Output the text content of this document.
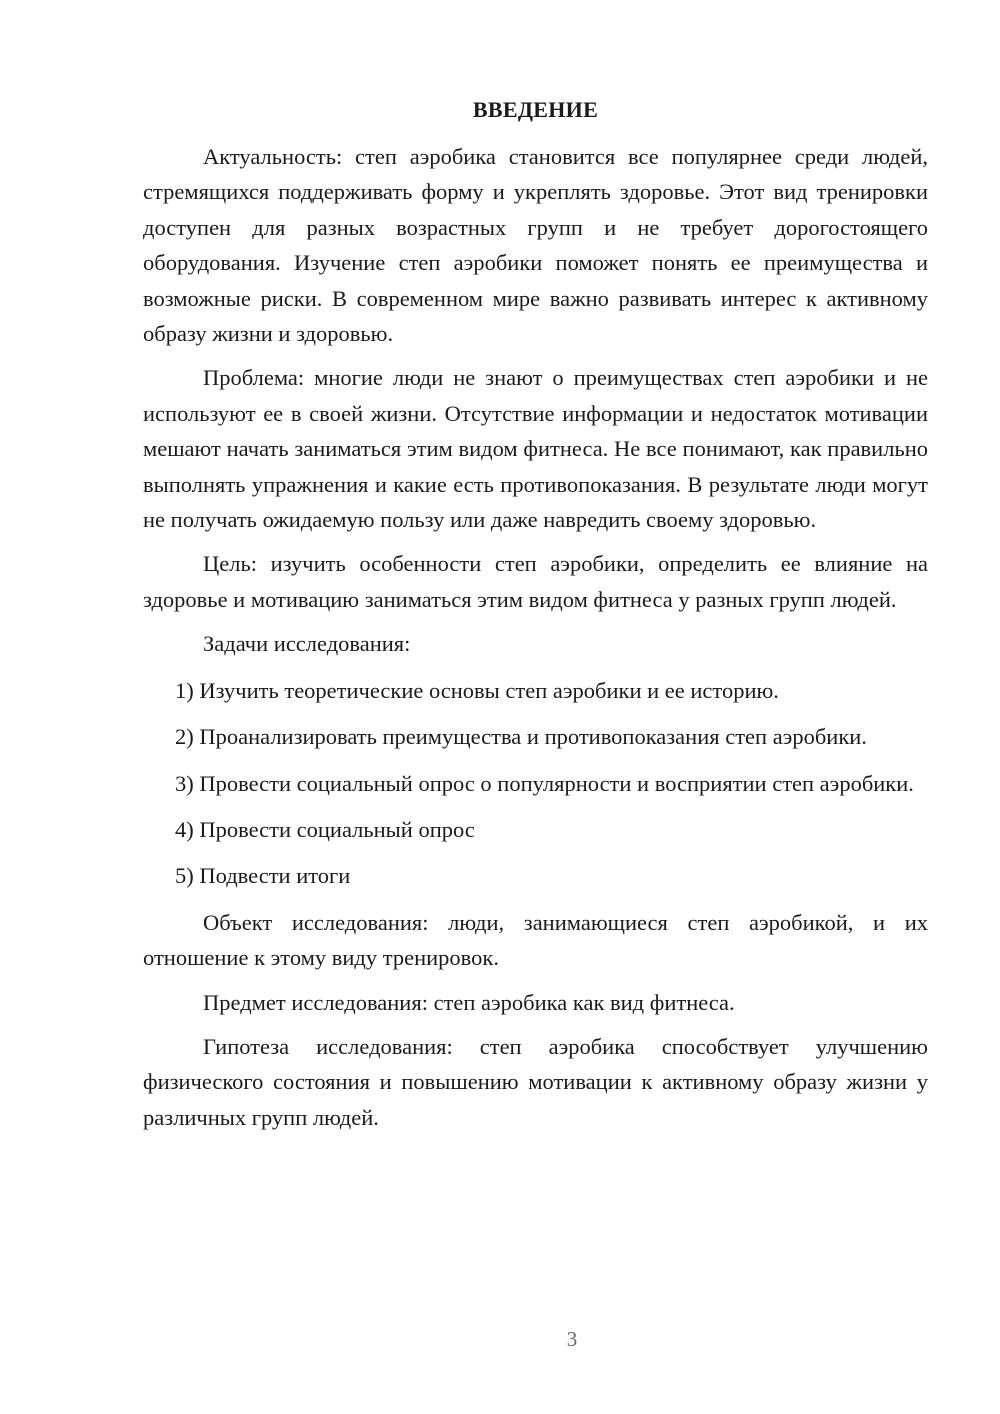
ВВЕДЕНИЕ

Актуальность: степ аэробика становится все популярнее среди людей, стремящихся поддерживать форму и укреплять здоровье. Этот вид тренировки доступен для разных возрастных групп и не требует дорогостоящего оборудования. Изучение степ аэробики поможет понять ее преимущества и возможные риски. В современном мире важно развивать интерес к активному образу жизни и здоровью.

Проблема: многие люди не знают о преимуществах степ аэробики и не используют ее в своей жизни. Отсутствие информации и недостаток мотивации мешают начать заниматься этим видом фитнеса. Не все понимают, как правильно выполнять упражнения и какие есть противопоказания. В результате люди могут не получать ожидаемую пользу или даже навредить своему здоровью.

Цель: изучить особенности степ аэробики, определить ее влияние на здоровье и мотивацию заниматься этим видом фитнеса у разных групп людей.

Задачи исследования:

1) Изучить теоретические основы степ аэробики и ее историю.

2) Проанализировать преимущества и противопоказания степ аэробики.

3) Провести социальный опрос о популярности и восприятии степ аэробики.

4) Провести социальный опрос

5) Подвести итоги

Объект исследования: люди, занимающиеся степ аэробикой, и их отношение к этому виду тренировок.

Предмет исследования: степ аэробика как вид фитнеса.

Гипотеза исследования: степ аэробика способствует улучшению физического состояния и повышению мотивации к активному образу жизни у различных групп людей.

3
